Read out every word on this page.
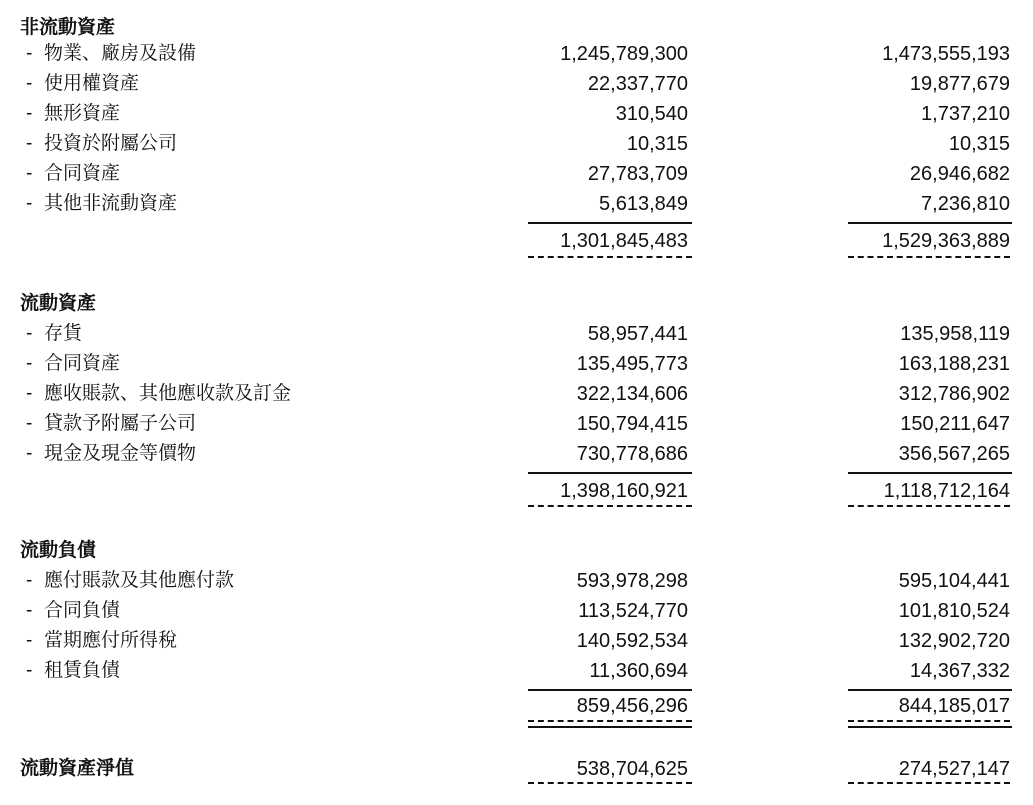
非流動資產
- 物業、廠房及設備	1,245,789,300	1,473,555,193
- 使用權資產	22,337,770	19,877,679
- 無形資產	310,540	1,737,210
- 投資於附屬公司	10,315	10,315
- 合同資產	27,783,709	26,946,682
- 其他非流動資產	5,613,849	7,236,810
1,301,845,483	1,529,363,889
流動資產
- 存貨	58,957,441	135,958,119
- 合同資產	135,495,773	163,188,231
- 應收賬款、其他應收款及訂金	322,134,606	312,786,902
- 貸款予附屬子公司	150,794,415	150,211,647
- 現金及現金等價物	730,778,686	356,567,265
1,398,160,921	1,118,712,164
流動負債
- 應付賬款及其他應付款	593,978,298	595,104,441
- 合同負債	113,524,770	101,810,524
- 當期應付所得稅	140,592,534	132,902,720
- 租賃負債	11,360,694	14,367,332
859,456,296	844,185,017
流動資產淨值	538,704,625	274,527,147
